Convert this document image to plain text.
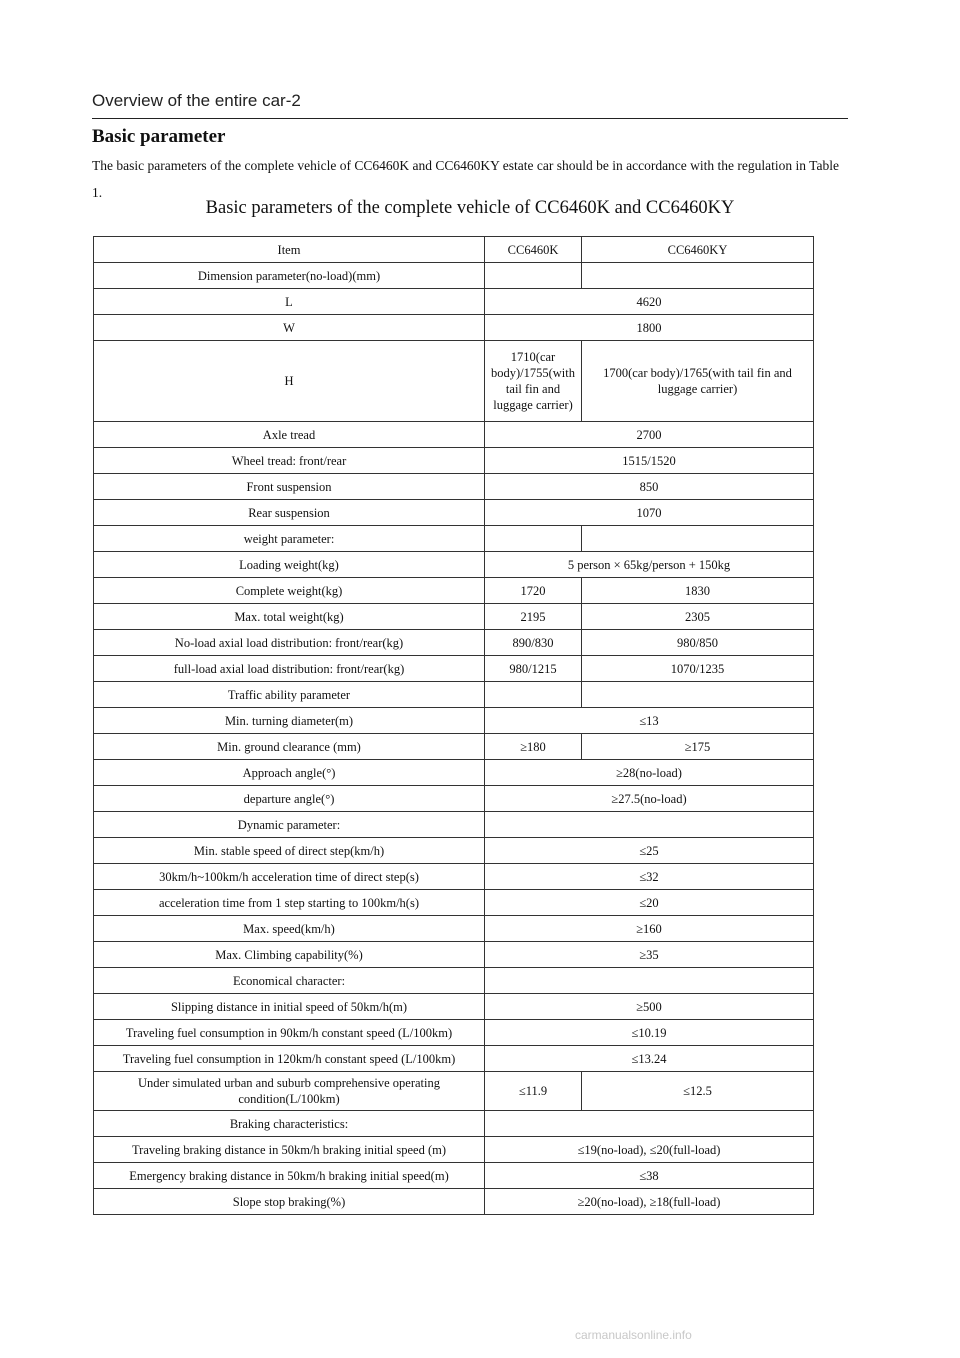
Overview of the entire car-2
Basic parameter
The basic parameters of the complete vehicle of CC6460K and CC6460KY estate car should be in accordance with the regulation in Table 1.
Basic parameters of the complete vehicle of CC6460K and CC6460KY
Item	CC6460K	CC6460KY
Dimension parameter(no-load)(mm)		
L	4620	
W	1800	
H	1710(car body)/1755(with tail fin and luggage carrier)	1700(car body)/1765(with tail fin and luggage carrier)
Axle tread	2700	
Wheel tread: front/rear	1515/1520	
Front suspension	850	
Rear suspension	1070	
weight parameter:		
Loading weight(kg)	5 person × 65kg/person + 150kg	
Complete weight(kg)	1720	1830
Max. total weight(kg)	2195	2305
No-load axial load distribution: front/rear(kg)	890/830	980/850
full-load axial load distribution: front/rear(kg)	980/1215	1070/1235
Traffic ability parameter		
Min. turning diameter(m)	≤13	
Min. ground clearance (mm)	≥180	≥175
Approach angle(°)	≥28(no-load)	
departure angle(°)	≥27.5(no-load)	
Dynamic parameter:		
Min. stable speed of direct step(km/h)	≤25	
30km/h~100km/h acceleration time of direct step(s)	≤32	
acceleration time from 1 step starting to 100km/h(s)	≤20	
Max. speed(km/h)	≥160	
Max. Climbing capability(%)	≥35	
Economical character:		
Slipping distance in initial speed of 50km/h(m)	≥500	
Traveling fuel consumption in 90km/h constant speed (L/100km)	≤10.19	
Traveling fuel consumption in 120km/h constant speed (L/100km)	≤13.24	
Under simulated urban and suburb comprehensive operating condition(L/100km)	≤11.9	≤12.5
Braking characteristics:		
Traveling braking distance in 50km/h braking initial speed (m)	≤19(no-load), ≤20(full-load)	
Emergency braking distance in 50km/h braking initial speed(m)	≤38	
Slope stop braking(%)	≥20(no-load), ≥18(full-load)	
carmanualsonline.info
